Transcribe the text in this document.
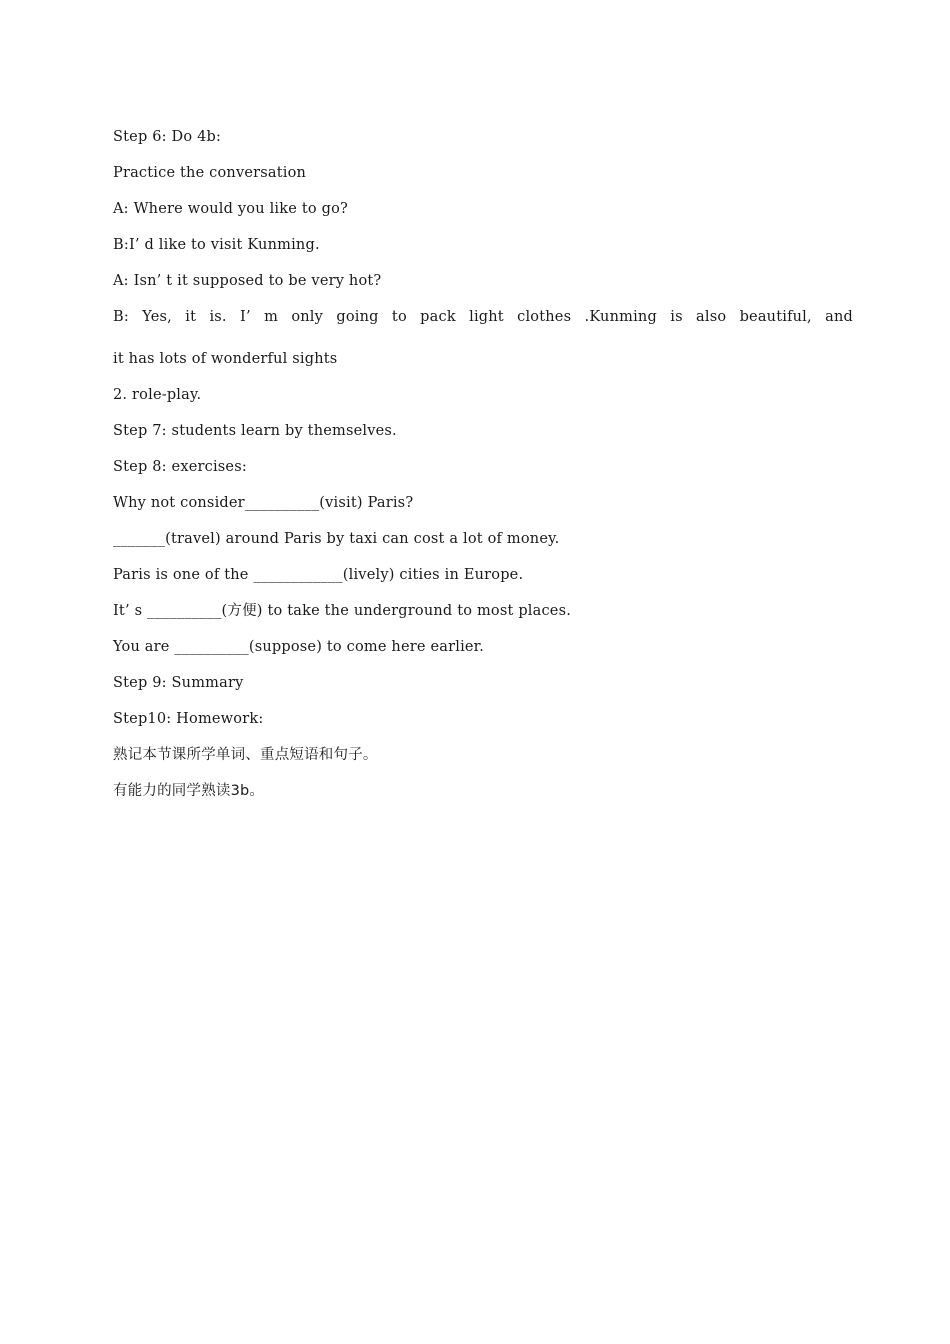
Step 6: Do 4b:
Practice the conversation
A: Where would you like to go?
B:I’ d like to visit Kunming.
A: Isn’ t it supposed to be very hot?
B: Yes, it is. I’ m only going to pack light clothes .Kunming is also beautiful, and
it has lots of wonderful sights
2. role-play.
Step 7: students learn by themselves.
Step 8: exercises:
Why not consider__________(visit) Paris?
_______(travel) around Paris by taxi can cost a lot of money.
Paris is one of the ____________(lively) cities in Europe.
It’ s __________(方便) to take the underground to most places.
You are __________(suppose) to come here earlier.
Step 9: Summary
Step10: Homework:
熟记本节课所学单词、重点短语和句子。
有能力的同学熟读3b。
